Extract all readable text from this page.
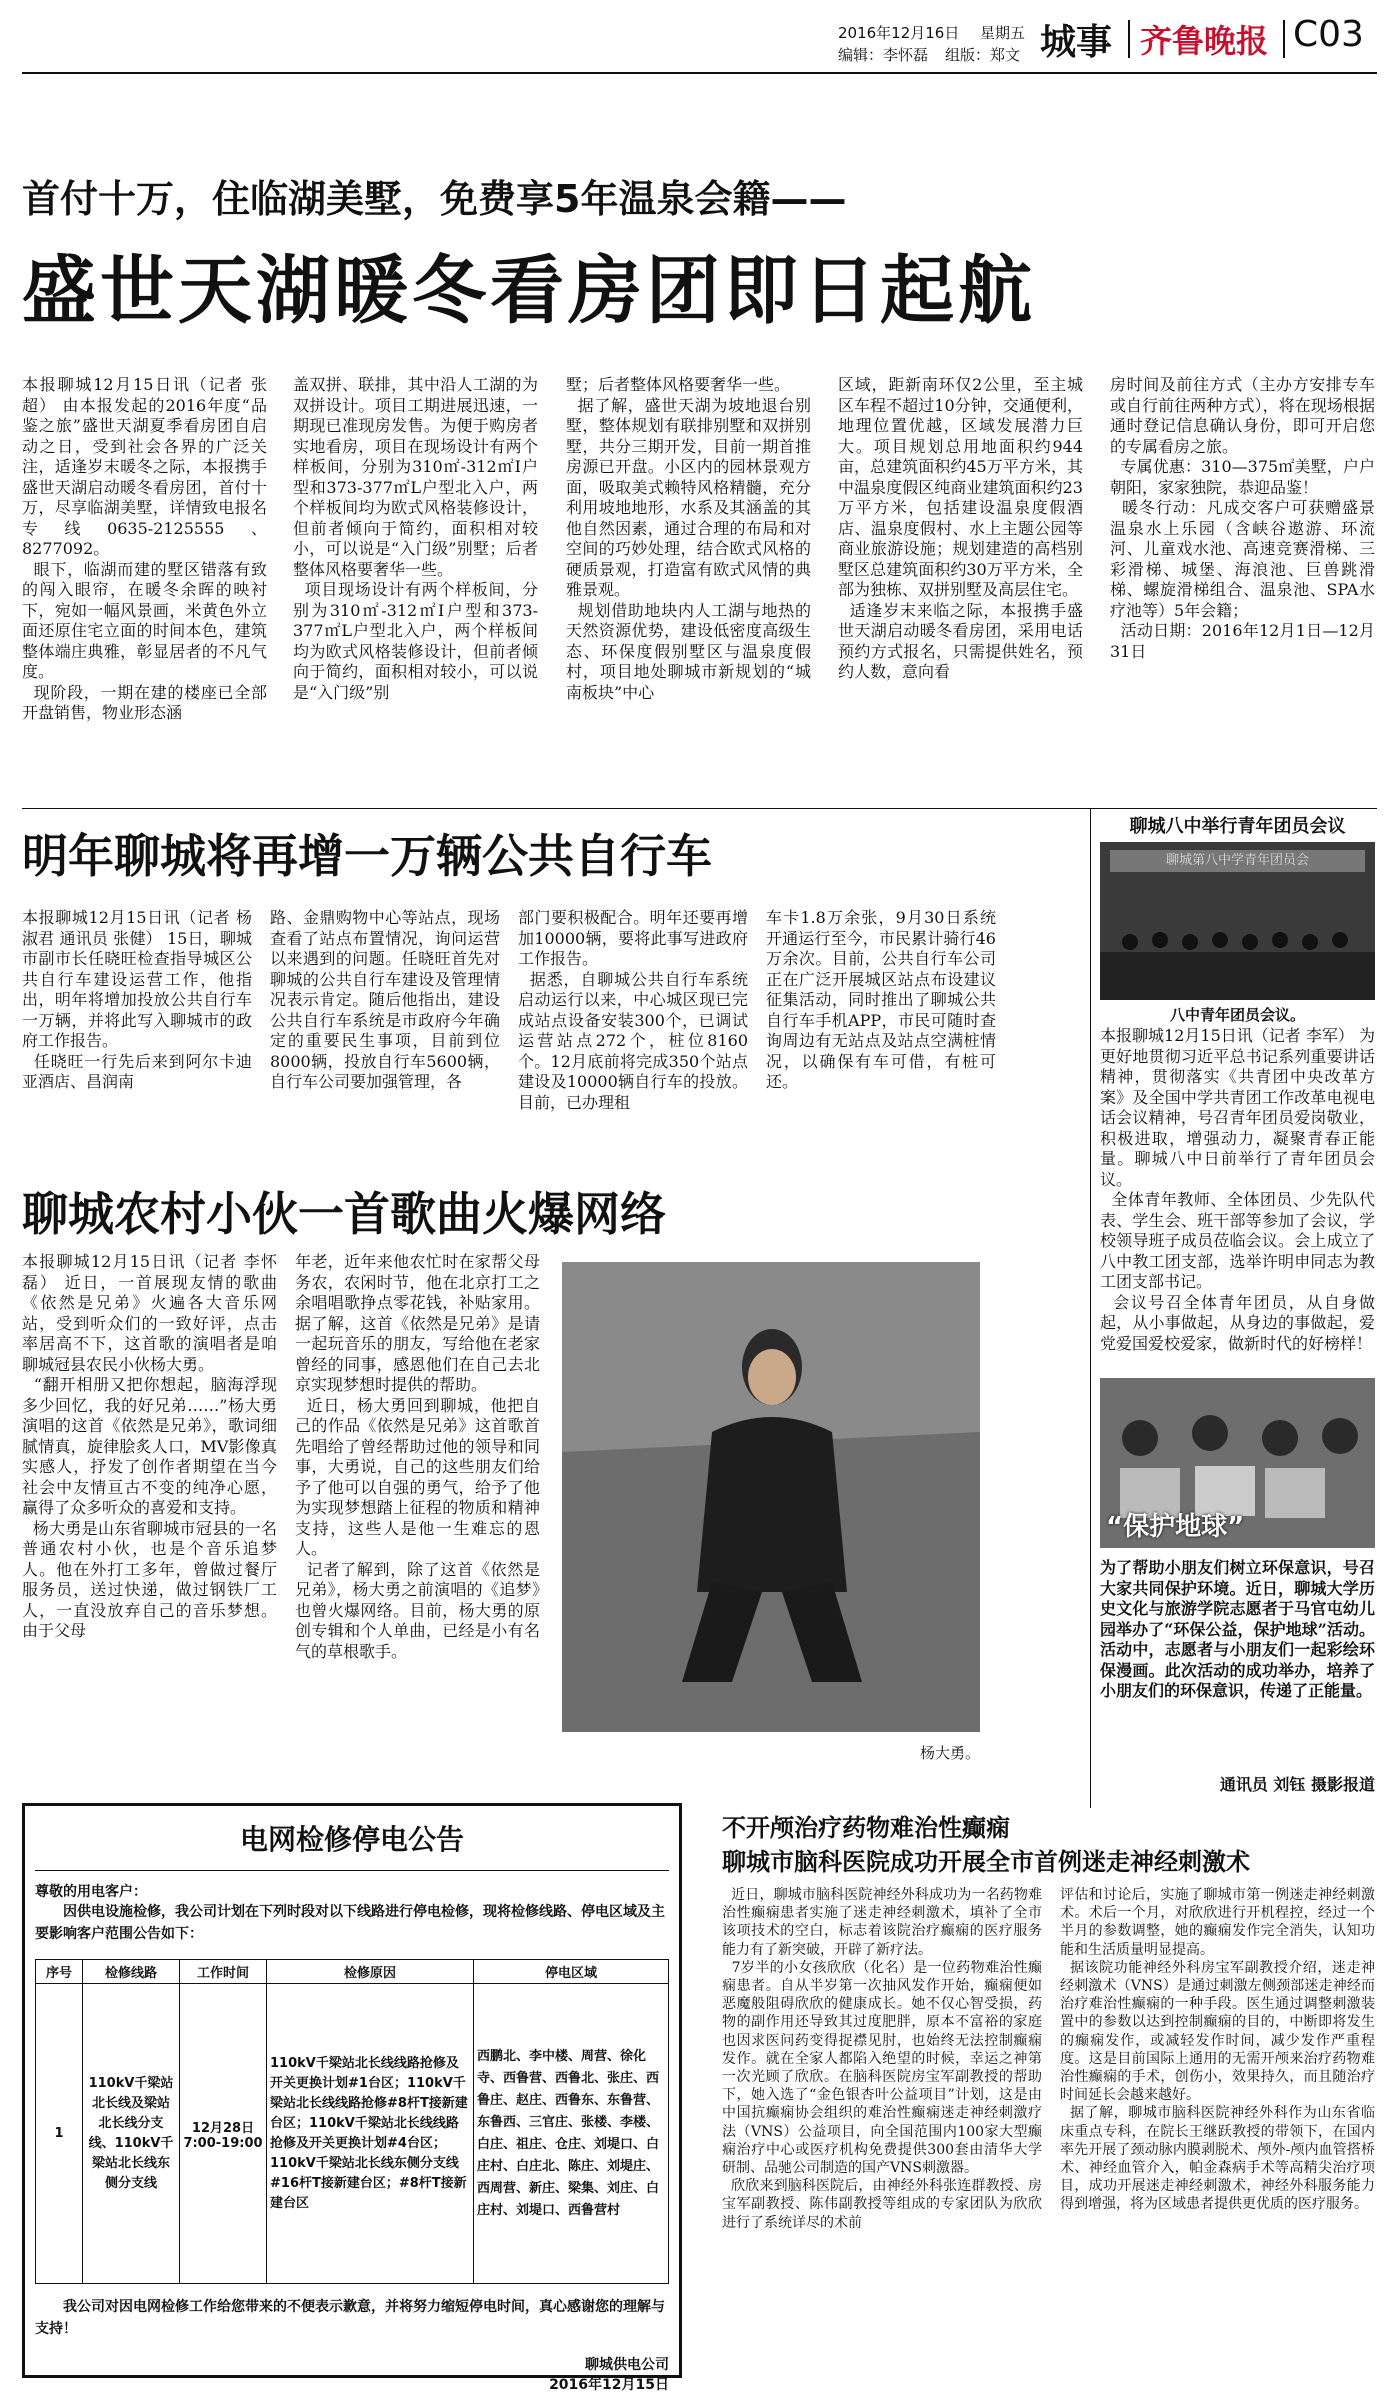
2016年12月16日 星期五
编辑：李怀磊 组版：郑文 城事 齐鲁晚报 C03
首付十万，住临湖美墅，免费享5年温泉会籍——
盛世天湖暖冬看房团即日起航
本报聊城12月15日讯（记者 张超） 由本报发起的2016年度“品鉴之旅”盛世天湖夏季看房团自启动之日，受到社会各界的广泛关注，适逢岁末暖冬之际，本报携手盛世天湖启动暖冬看房团，首付十万，尽享临湖美墅，详情致电报名专线0635-2125555、8277092。
眼下，临湖而建的墅区错落有致的闯入眼帘，在暖冬余晖的映衬下，宛如一幅风景画，米黄色外立面还原住宅立面的时间本色，建筑整体端庄典雅，彰显居者的不凡气度。
现阶段，一期在建的楼座已全部开盘销售，物业形态涵
盖双拼、联排，其中沿人工湖的为双拼设计。项目工期进展迅速，一期现已准现房发售。为便于购房者实地看房，项目在现场设计有两个样板间，分别为310㎡-312㎡I户型和373-377㎡L户型北入户，两个样板间均为欧式风格装修设计，但前者倾向于简约，面积相对较小，可以说是“入门级”别墅；后者整体风格要奢华一些。
项目现场设计有两个样板间，分别为310㎡-312㎡I户型和373-377㎡L户型北入户，两个样板间均为欧式风格装修设计，但前者倾向于简约，面积相对较小，可以说是“入门级”别
墅；后者整体风格要奢华一些。
据了解，盛世天湖为坡地退台别墅，整体规划有联排别墅和双拼别墅，共分三期开发，目前一期首推房源已开盘。小区内的园林景观方面，吸取美式赖特风格精髓，充分利用坡地地形，水系及其涵盖的其他自然因素，通过合理的布局和对空间的巧妙处理，结合欧式风格的硬质景观，打造富有欧式风情的典雅景观。
规划借助地块内人工湖与地热的天然资源优势，建设低密度高级生态、环保度假别墅区与温泉度假村，项目地处聊城市新规划的“城南板块”中心
区域，距新南环仅2公里，至主城区车程不超过10分钟，交通便利，地理位置优越，区域发展潜力巨大。项目规划总用地面积约944亩，总建筑面积约45万平方米，其中温泉度假区纯商业建筑面积约23万平方米，包括建设温泉度假酒店、温泉度假村、水上主题公园等商业旅游设施；规划建造的高档别墅区总建筑面积约30万平方米，全部为独栋、双拼别墅及高层住宅。
适逢岁末来临之际，本报携手盛世天湖启动暖冬看房团，采用电话预约方式报名，只需提供姓名，预约人数，意向看
房时间及前往方式（主办方安排专车或自行前往两种方式），将在现场根据通时登记信息确认身份，即可开启您的专属看房之旅。
专属优惠：310—375㎡美墅，户户朝阳，家家独院，恭迎品鉴！
暖冬行动：凡成交客户可获赠盛景温泉水上乐园（含峡谷遨游、环流河、儿童戏水池、高速竞赛滑梯、三彩滑梯、城堡、海浪池、巨兽跳滑梯、螺旋滑梯组合、温泉池、SPA水疗池等）5年会籍；
活动日期：2016年12月1日—12月31日
明年聊城将再增一万辆公共自行车
本报聊城12月15日讯（记者 杨淑君 通讯员 张健） 15日，聊城市副市长任晓旺检查指导城区公共自行车建设运营工作，他指出，明年将增加投放公共自行车一万辆，并将此写入聊城市的政府工作报告。
任晓旺一行先后来到阿尔卡迪亚酒店、昌润南
路、金鼎购物中心等站点，现场查看了站点布置情况，询问运营以来遇到的问题。任晓旺首先对聊城的公共自行车建设及管理情况表示肯定。随后他指出，建设公共自行车系统是市政府今年确定的重要民生事项，目前到位8000辆，投放自行车5600辆，自行车公司要加强管理，各
部门要积极配合。明年还要再增加10000辆，要将此事写进政府工作报告。
据悉，自聊城公共自行车系统启动运行以来，中心城区现已完成站点设备安装300个，已调试运营站点272个，桩位8160个。12月底前将完成350个站点建设及10000辆自行车的投放。目前，已办理租
车卡1.8万余张，9月30日系统开通运行至今，市民累计骑行46万余次。目前，公共自行车公司正在广泛开展城区站点布设建议征集活动，同时推出了聊城公共自行车手机APP，市民可随时查询周边有无站点及站点空满桩情况，以确保有车可借，有桩可还。
聊城农村小伙一首歌曲火爆网络
本报聊城12月15日讯（记者 李怀磊） 近日，一首展现友情的歌曲《依然是兄弟》火遍各大音乐网站，受到听众们的一致好评，点击率居高不下，这首歌的演唱者是咱聊城冠县农民小伙杨大勇。
“翻开相册又把你想起，脑海浮现多少回忆，我的好兄弟……”杨大勇演唱的这首《依然是兄弟》，歌词细腻情真，旋律脍炙人口，MV影像真实感人，抒发了创作者期望在当今社会中友情亘古不变的纯净心愿，赢得了众多听众的喜爱和支持。
杨大勇是山东省聊城市冠县的一名普通农村小伙，也是个音乐追梦人。他在外打工多年，曾做过餐厅服务员，送过快递，做过钢铁厂工人，一直没放弃自己的音乐梦想。由于父母
年老，近年来他农忙时在家帮父母务农，农闲时节，他在北京打工之余唱唱歌挣点零花钱，补贴家用。据了解，这首《依然是兄弟》是请一起玩音乐的朋友，写给他在老家曾经的同事，感恩他们在自己去北京实现梦想时提供的帮助。
近日，杨大勇回到聊城，他把自己的作品《依然是兄弟》这首歌首先唱给了曾经帮助过他的领导和同事，大勇说，自己的这些朋友们给予了他可以自强的勇气，给予了他为实现梦想踏上征程的物质和精神支持，这些人是他一生难忘的恩人。
记者了解到，除了这首《依然是兄弟》，杨大勇之前演唱的《追梦》也曾火爆网络。目前，杨大勇的原创专辑和个人单曲，已经是小有名气的草根歌手。
杨大勇。
聊城八中举行青年团员会议
聊城第八中学青年团员会
八中青年团员会议。
本报聊城12月15日讯（记者 李军） 为更好地贯彻习近平总书记系列重要讲话精神，贯彻落实《共青团中央改革方案》及全国中学共青团工作改革电视电话会议精神，号召青年团员爱岗敬业，积极进取，增强动力，凝聚青春正能量。聊城八中日前举行了青年团员会议。
全体青年教师、全体团员、少先队代表、学生会、班干部等参加了会议，学校领导班子成员莅临会议。会上成立了八中教工团支部，选举许明申同志为教工团支部书记。
会议号召全体青年团员，从自身做起，从小事做起，从身边的事做起，爱党爱国爱校爱家，做新时代的好榜样！
“保护地球”
为了帮助小朋友们树立环保意识，号召大家共同保护环境。近日，聊城大学历史文化与旅游学院志愿者于马官屯幼儿园举办了“环保公益，保护地球”活动。活动中，志愿者与小朋友们一起彩绘环保漫画。此次活动的成功举办，培养了小朋友们的环保意识，传递了正能量。
通讯员 刘钰 摄影报道
电网检修停电公告
尊敬的用电客户：
因供电设施检修，我公司计划在下列时段对以下线路进行停电检修，现将检修线路、停电区域及主要影响客户范围公告如下：
序号	检修线路	工作时间	检修原因	停电区域
1	110kV千梁站北长线及梁站北长线分支线、110kV千梁站北长线东侧分支线	12月28日 7:00-19:00	110kV千梁站北长线线路抢修及开关更换计划#1台区；110kV千梁站北长线线路抢修#8杆T接新建台区；110kV千梁站北长线线路抢修及开关更换计划#4台区；110kV千梁站北长线东侧分支线#16杆T接新建台区；#8杆T接新建台区	西鹏北、李中楼、周营、徐化寺、西鲁营、西鲁北、张庄、西鲁庄、赵庄、西鲁东、东鲁营、东鲁西、三官庄、张楼、李楼、白庄、祖庄、仓庄、刘堤口、白庄村、白庄北、陈庄、刘堤庄、西周营、新庄、梁集、刘庄、白庄村、刘堤口、西鲁营村
我公司对因电网检修工作给您带来的不便表示歉意，并将努力缩短停电时间，真心感谢您的理解与支持！
聊城供电公司
2016年12月15日
不开颅治疗药物难治性癫痫
聊城市脑科医院成功开展全市首例迷走神经刺激术
近日，聊城市脑科医院神经外科成功为一名药物难治性癫痫患者实施了迷走神经刺激术，填补了全市该项技术的空白，标志着该院治疗癫痫的医疗服务能力有了新突破，开辟了新疗法。
7岁半的小女孩欣欣（化名）是一位药物难治性癫痫患者。自从半岁第一次抽风发作开始，癫痫便如恶魔般阻碍欣欣的健康成长。她不仅心智受损，药物的副作用还导致其过度肥胖，原本不富裕的家庭也因求医问药变得捉襟见肘，也始终无法控制癫痫发作。就在全家人都陷入绝望的时候，幸运之神第一次光顾了欣欣。在脑科医院房宝军副教授的帮助下，她入选了“金色银杏叶公益项目”计划，这是由中国抗癫痫协会组织的难治性癫痫迷走神经刺激疗法（VNS）公益项目，向全国范围内100家大型癫痫治疗中心或医疗机构免费提供300套由清华大学研制、品驰公司制造的国产VNS刺激器。
欣欣来到脑科医院后，由神经外科张连群教授、房宝军副教授、陈伟副教授等组成的专家团队为欣欣进行了系统详尽的术前
评估和讨论后，实施了聊城市第一例迷走神经刺激术。术后一个月，对欣欣进行开机程控，经过一个半月的参数调整，她的癫痫发作完全消失，认知功能和生活质量明显提高。
据该院功能神经外科房宝军副教授介绍，迷走神经刺激术（VNS）是通过刺激左侧颈部迷走神经而治疗难治性癫痫的一种手段。医生通过调整刺激装置中的参数以达到控制癫痫的目的，中断即将发生的癫痫发作，或减轻发作时间，减少发作严重程度。这是目前国际上通用的无需开颅来治疗药物难治性癫痫的手术，创伤小，效果持久，而且随治疗时间延长会越来越好。
据了解，聊城市脑科医院神经外科作为山东省临床重点专科，在院长王继跃教授的带领下，在国内率先开展了颈动脉内膜剥脱术、颅外-颅内血管搭桥术、神经血管介入，帕金森病手术等高精尖治疗项目，成功开展迷走神经刺激术，神经外科服务能力得到增强，将为区域患者提供更优质的医疗服务。
